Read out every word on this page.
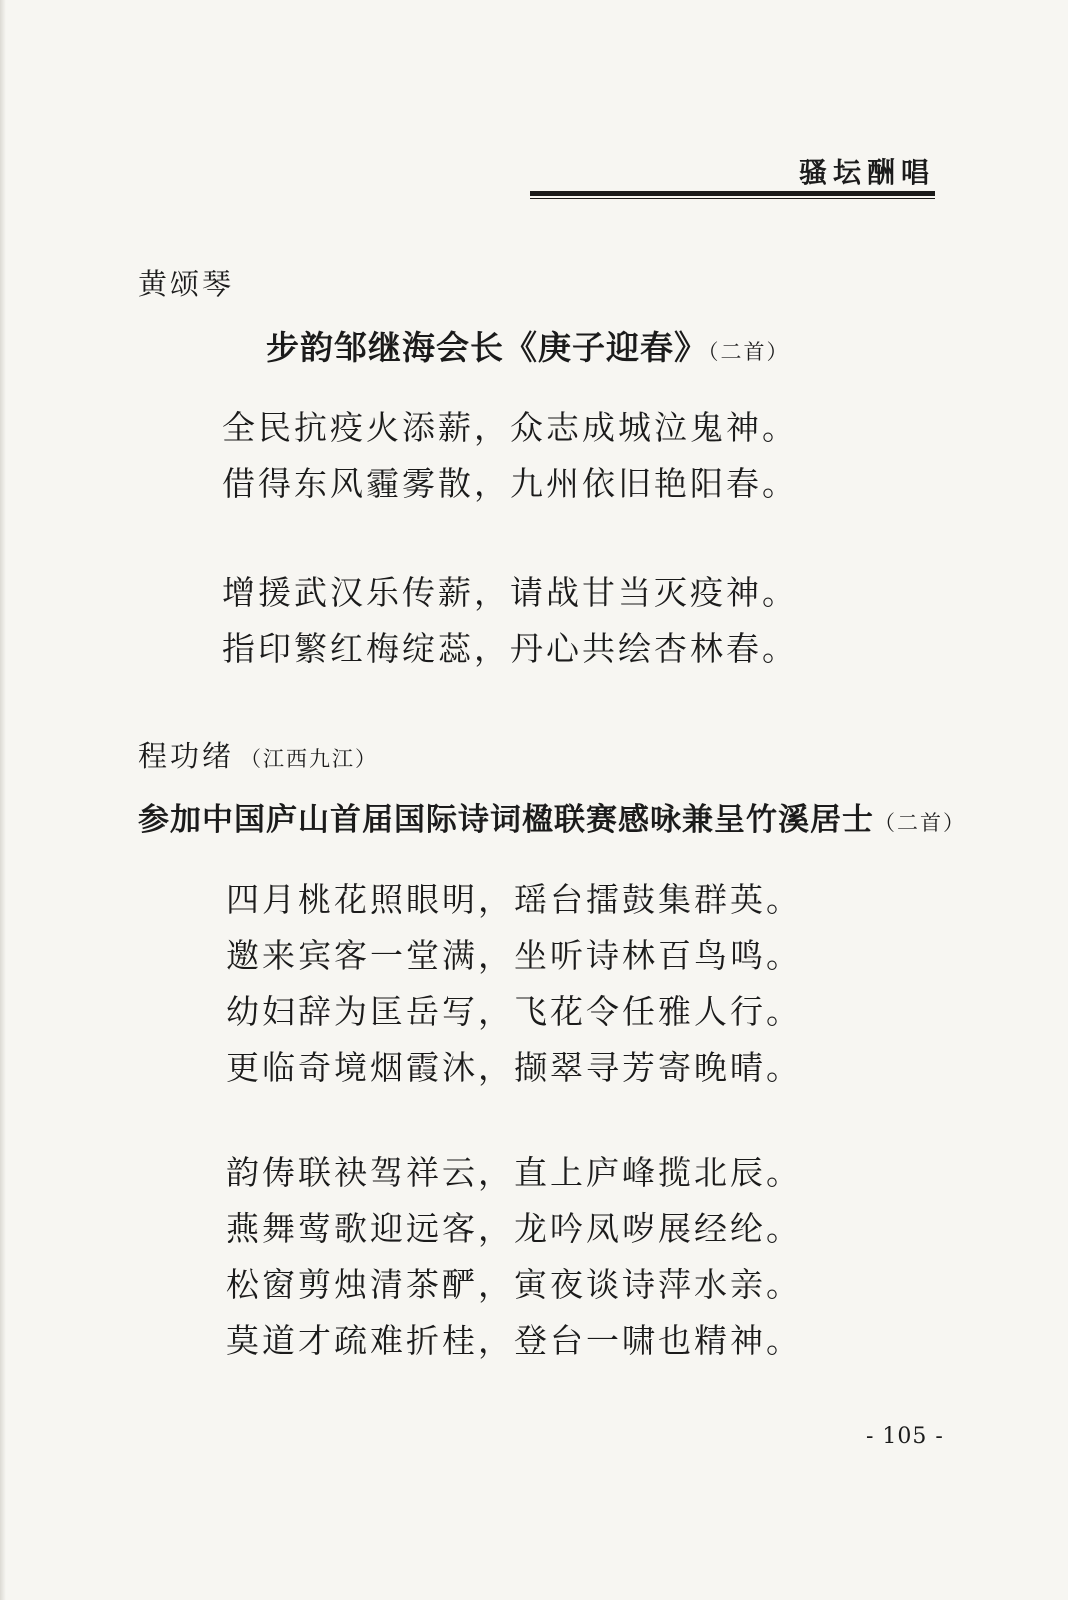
骚坛酬唱
黄颂琴
步韵邹继海会长《庚子迎春》（二首）
全民抗疫火添薪，众志成城泣鬼神。
借得东风霾雾散，九州依旧艳阳春。
增援武汉乐传薪，请战甘当灭疫神。
指印繁红梅绽蕊，丹心共绘杏林春。
程功绪 （江西九江）
参加中国庐山首届国际诗词楹联赛感咏兼呈竹溪居士（二首）
四月桃花照眼明，瑶台擂鼓集群英。
邀来宾客一堂满，坐听诗林百鸟鸣。
幼妇辞为匡岳写，飞花令任雅人行。
更临奇境烟霞沐，撷翠寻芳寄晚晴。
韵俦联袂驾祥云，直上庐峰揽北辰。
燕舞莺歌迎远客，龙吟凤哕展经纶。
松窗剪烛清茶酽，寅夜谈诗萍水亲。
莫道才疏难折桂，登台一啸也精神。
- 105 -
